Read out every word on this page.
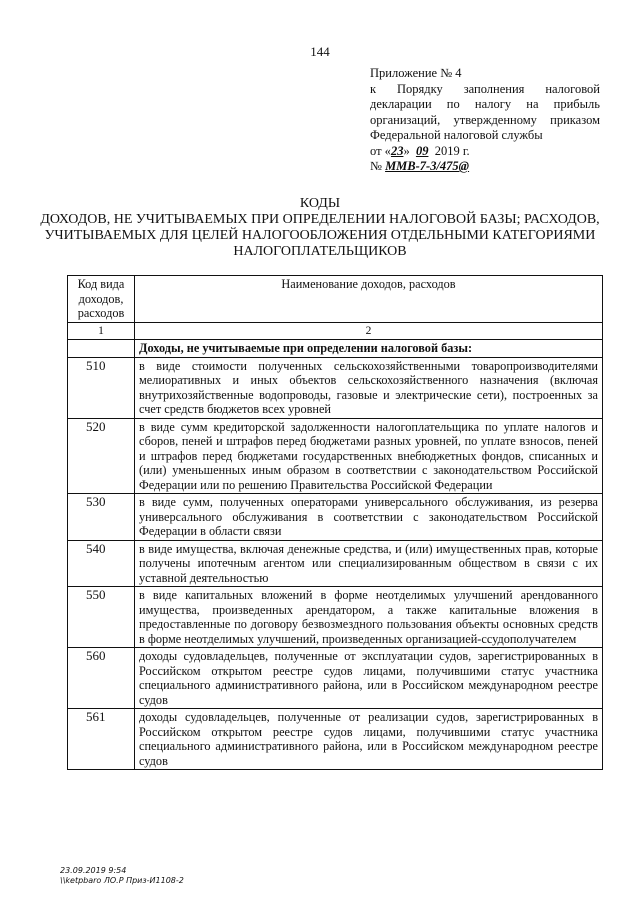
144
Приложение № 4
к Порядку заполнения налоговой
декларации по налогу на прибыль
организаций, утвержденному приказом
Федеральной налоговой службы
от «23» 09 2019 г.
№ ММВ-7-3/475@
КОДЫ
ДОХОДОВ, НЕ УЧИТЫВАЕМЫХ ПРИ ОПРЕДЕЛЕНИИ НАЛОГОВОЙ БАЗЫ; РАСХОДОВ,
УЧИТЫВАЕМЫХ ДЛЯ ЦЕЛЕЙ НАЛОГООБЛОЖЕНИЯ ОТДЕЛЬНЫМИ КАТЕГОРИЯМИ
НАЛОГОПЛАТЕЛЬЩИКОВ
Код вида доходов, расходов	Наименование доходов, расходов
1	2
	Доходы, не учитываемые при определении налоговой базы:

510	в виде стоимости полученных сельскохозяйственными товаропроизводителями мелиоративных и иных объектов сельскохозяйственного назначения (включая внутрихозяйственные водопроводы, газовые и электрические сети), построенных за счет средств бюджетов всех уровней

520	в виде сумм кредиторской задолженности налогоплательщика по уплате налогов и сборов, пеней и штрафов перед бюджетами разных уровней, по уплате взносов, пеней и штрафов перед бюджетами государственных внебюджетных фондов, списанных и (или) уменьшенных иным образом в соответствии с законодательством Российской Федерации или по решению Правительства Российской Федерации

530	в виде сумм, полученных операторами универсального обслуживания, из резерва универсального обслуживания в соответствии с законодательством Российской Федерации в области связи

540	в виде имущества, включая денежные средства, и (или) имущественных прав, которые получены ипотечным агентом или специализированным обществом в связи с их уставной деятельностью

550	в виде капитальных вложений в форме неотделимых улучшений арендованного имущества, произведенных арендатором, а также капитальные вложения в предоставленные по договору безвозмездного пользования объекты основных средств в форме неотделимых улучшений, произведенных организацией-ссудополучателем

560	доходы судовладельцев, полученные от эксплуатации судов, зарегистрированных в Российском открытом реестре судов лицами, получившими статус участника специального административного района, или в Российском международном реестре судов

561	доходы судовладельцев, полученные от реализации судов, зарегистрированных в Российском открытом реестре судов лицами, получившими статус участника специального административного района, или в Российском международном реестре судов
23.09.2019 9:54
\\ketpbaro ЛО.Р Приз-И1108-2
